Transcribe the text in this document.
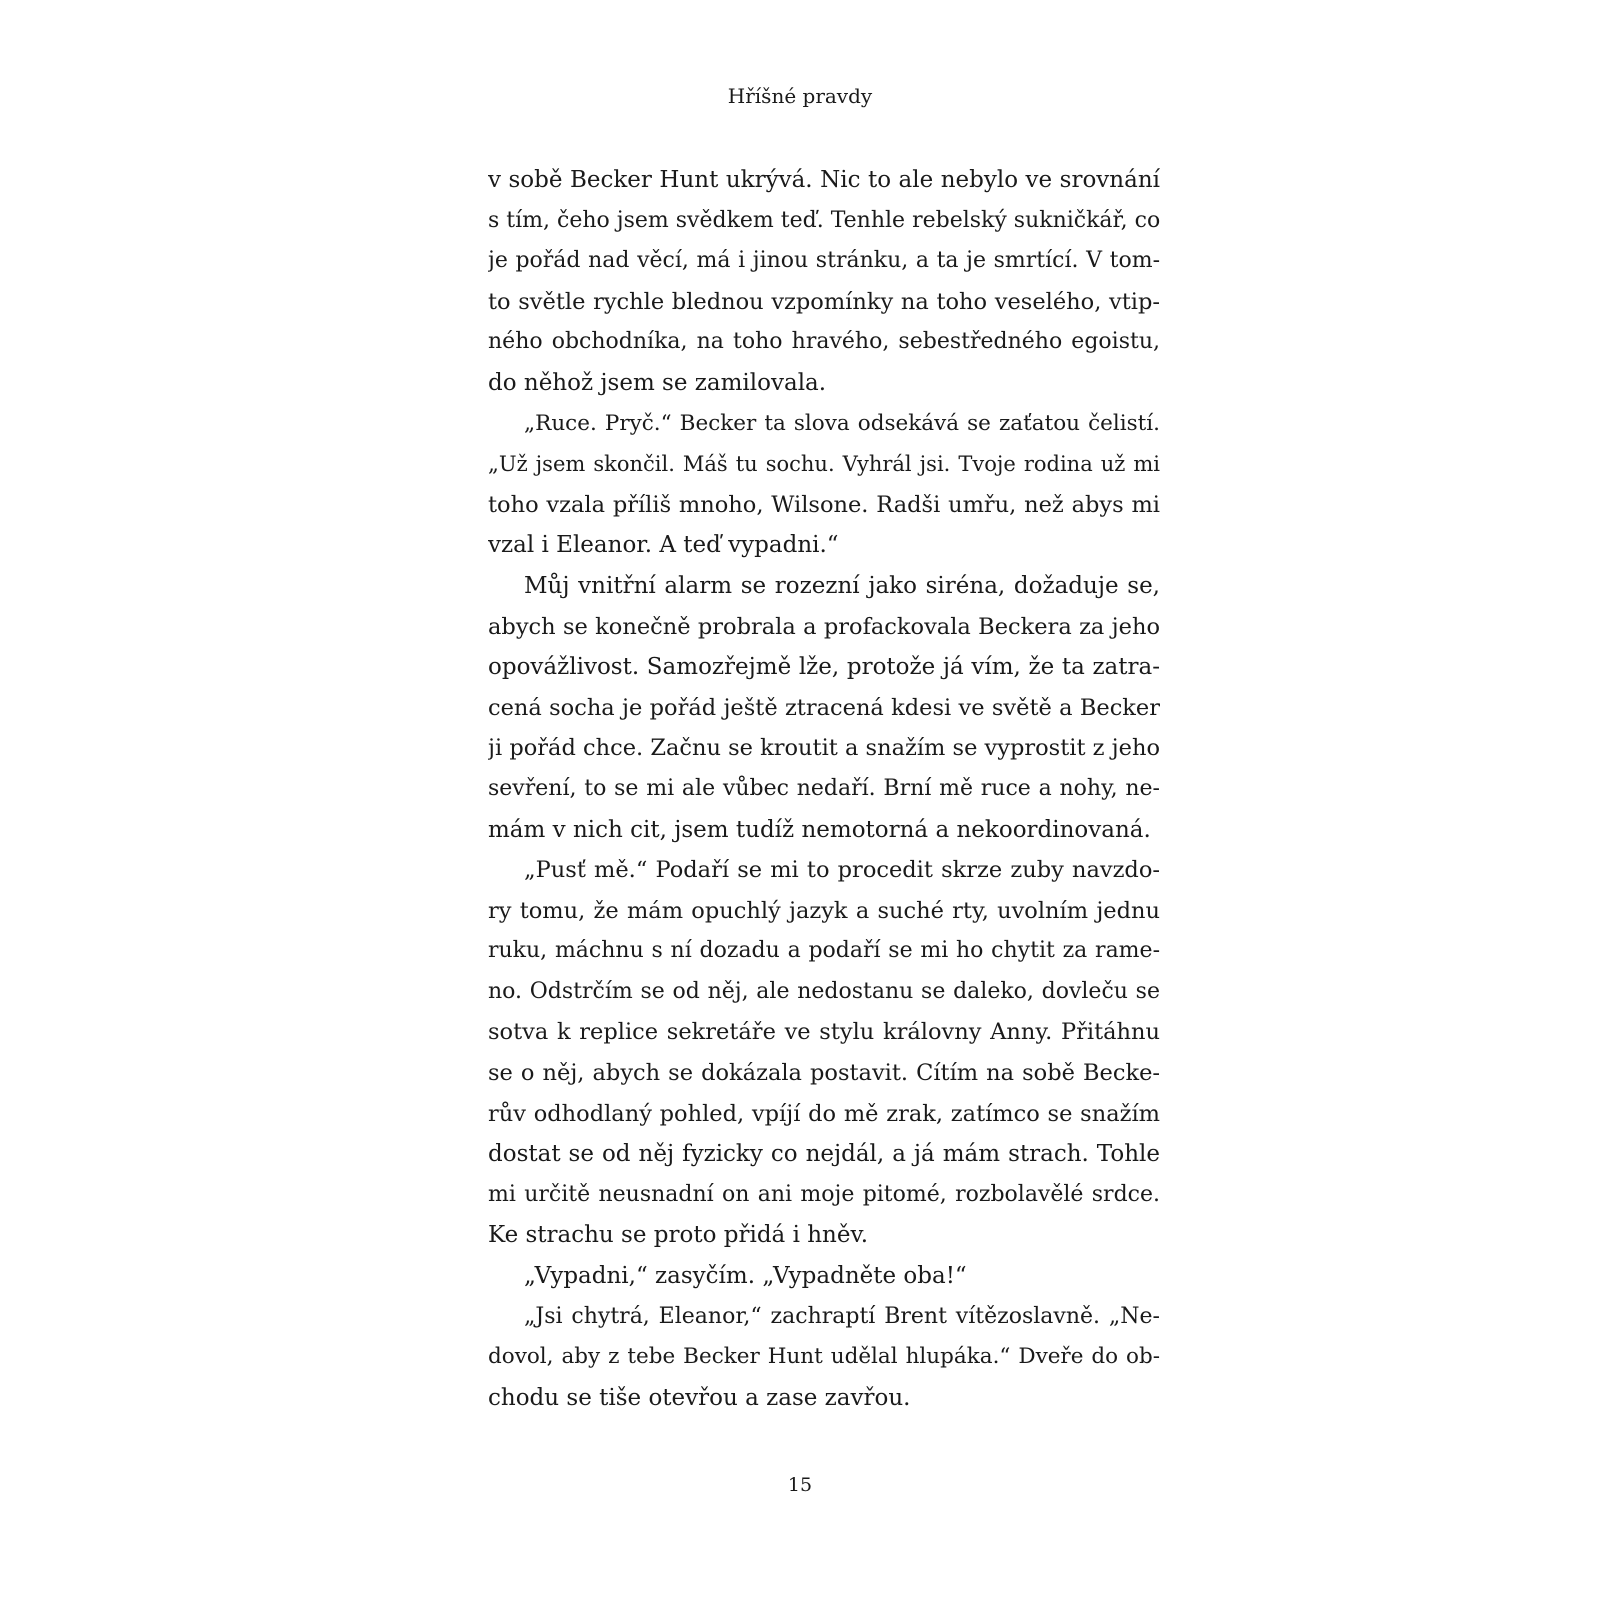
Hříšné pravdy
v sobě Becker Hunt ukrývá. Nic to ale nebylo ve srovnání
s tím, čeho jsem svědkem teď. Tenhle rebelský sukničkář, co
je pořád nad věcí, má i jinou stránku, a ta je smrtící. V tom-
to světle rychle blednou vzpomínky na toho veselého, vtip-
ného obchodníka, na toho hravého, sebestředného egoistu,
do něhož jsem se zamilovala.
„Ruce. Pryč.“ Becker ta slova odsekává se zaťatou čelistí.
„Už jsem skončil. Máš tu sochu. Vyhrál jsi. Tvoje rodina už mi
toho vzala příliš mnoho, Wilsone. Radši umřu, než abys mi
vzal i Eleanor. A teď vypadni.“
Můj vnitřní alarm se rozezní jako siréna, dožaduje se,
abych se konečně probrala a profackovala Beckera za jeho
opovážlivost. Samozřejmě lže, protože já vím, že ta zatra-
cená socha je pořád ještě ztracená kdesi ve světě a Becker
ji pořád chce. Začnu se kroutit a snažím se vyprostit z jeho
sevření, to se mi ale vůbec nedaří. Brní mě ruce a nohy, ne-
mám v nich cit, jsem tudíž nemotorná a nekoordinovaná.
„Pusť mě.“ Podaří se mi to procedit skrze zuby navzdo-
ry tomu, že mám opuchlý jazyk a suché rty, uvolním jednu
ruku, máchnu s ní dozadu a podaří se mi ho chytit za rame-
no. Odstrčím se od něj, ale nedostanu se daleko, dovleču se
sotva k replice sekretáře ve stylu královny Anny. Přitáhnu
se o něj, abych se dokázala postavit. Cítím na sobě Becke-
rův odhodlaný pohled, vpíjí do mě zrak, zatímco se snažím
dostat se od něj fyzicky co nejdál, a já mám strach. Tohle
mi určitě neusnadní on ani moje pitomé, rozbolavělé srdce.
Ke strachu se proto přidá i hněv.
„Vypadni,“ zasyčím. „Vypadněte oba!“
„Jsi chytrá, Eleanor,“ zachraptí Brent vítězoslavně. „Ne-
dovol, aby z tebe Becker Hunt udělal hlupáka.“ Dveře do ob-
chodu se tiše otevřou a zase zavřou.
15
